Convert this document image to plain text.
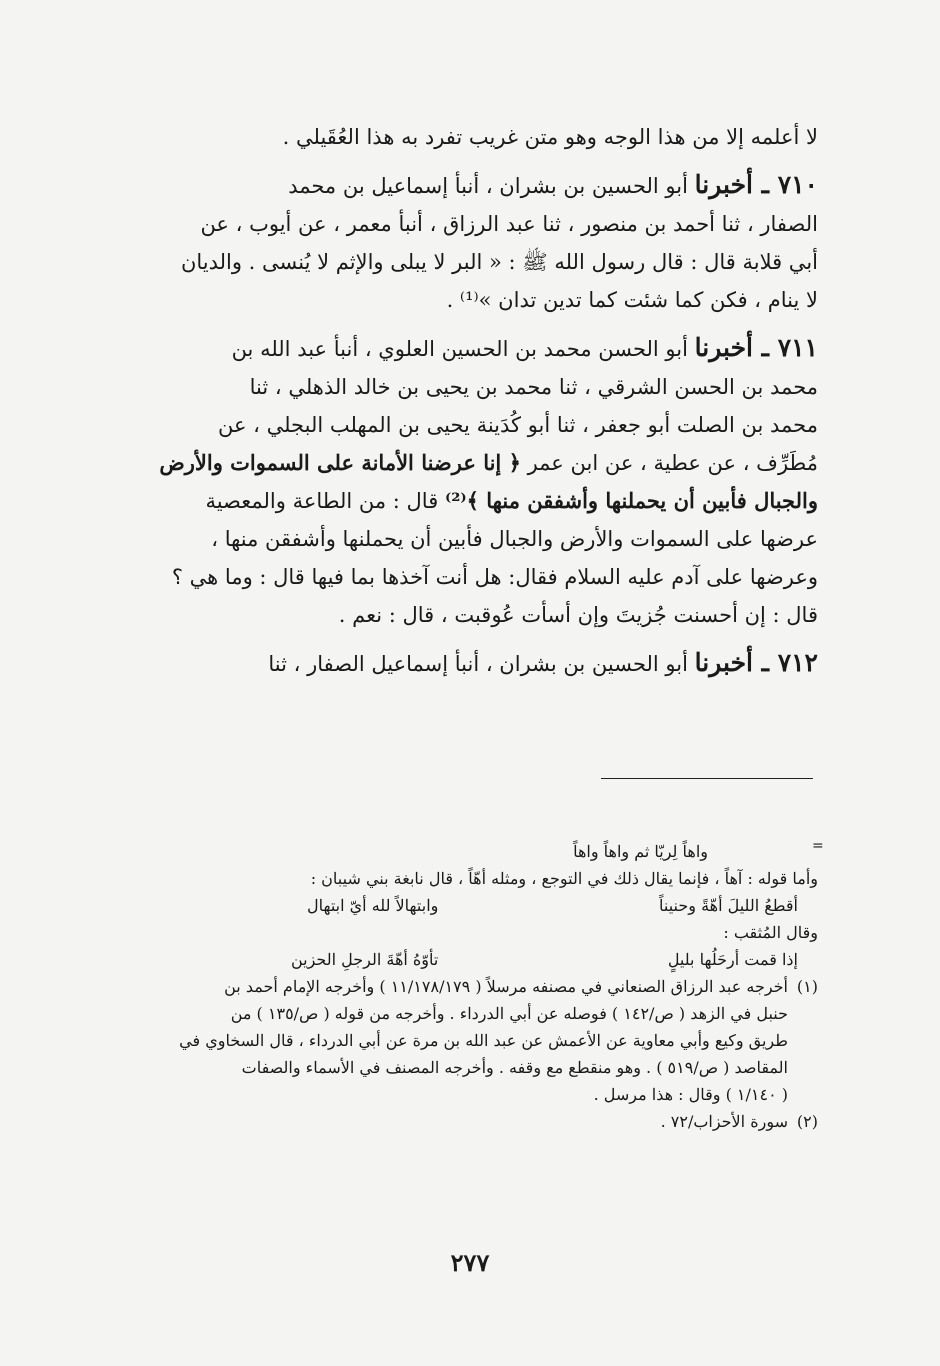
لا أعلمه إلا من هذا الوجه وهو متن غريب تفرد به هذا العُقَيلي .
٧١٠ ـ أخبرنا أبو الحسين بن بشران ، أنبأ إسماعيل بن محمد
الصفار ، ثنا أحمد بن منصور ، ثنا عبد الرزاق ، أنبأ معمر ، عن أيوب ، عن
أبي قلابة قال : قال رسول الله ﷺ : « البر لا يبلى والإثم لا يُنسى . والديان
لا ينام ، فكن كما شئت كما تدين تدان »⁽¹⁾ .
٧١١ ـ أخبرنا أبو الحسن محمد بن الحسين العلوي ، أنبأ عبد الله بن
محمد بن الحسن الشرقي ، ثنا محمد بن يحيى بن خالد الذهلي ، ثنا
محمد بن الصلت أبو جعفر ، ثنا أبو كُدَينة يحيى بن المهلب البجلي ، عن
مُطَرِّف ، عن عطية ، عن ابن عمر ﴿ إنا عرضنا الأمانة على السموات والأرض
والجبال فأبين أن يحملنها وأشفقن منها ﴾⁽²⁾ قال : من الطاعة والمعصية
عرضها على السموات والأرض والجبال فأبين أن يحملنها وأشفقن منها ،
وعرضها على آدم عليه السلام فقال: هل أنت آخذها بما فيها قال : وما هي ؟
قال : إن أحسنت جُزيتَ وإن أسأت عُوقبت ، قال : نعم .
٧١٢ ـ أخبرنا أبو الحسين بن بشران ، أنبأ إسماعيل الصفار ، ثنا
=
واهاً لِريّا ثم واهاً واهاً
وأما قوله : آهاً ، فإنما يقال ذلك في التوجع ، ومثله أهّاً ، قال نابغة بني شيبان :
أقطعُ الليلَ أهّةً وحنيناً
وابتهالاً لله أيّ ابتهال
وقال المُثقب :
إذا قمت أرحَلُها بليلٍ
تأوّهُ أهّةَ الرجلِ الحزين
(١)
أخرجه عبد الرزاق الصنعاني في مصنفه مرسلاً ( ١١/١٧٨/١٧٩ ) وأخرجه الإمام أحمد بن
حنبل في الزهد ( ص/١٤٢ ) فوصله عن أبي الدرداء . وأخرجه من قوله ( ص/١٣٥ ) من
طريق وكيع وأبي معاوية عن الأعمش عن عبد الله بن مرة عن أبي الدرداء ، قال السخاوي في
المقاصد ( ص/٥١٩ ) . وهو منقطع مع وقفه . وأخرجه المصنف في الأسماء والصفات
( ١/١٤٠ ) وقال : هذا مرسل .
(٢)
سورة الأحزاب/٧٢ .
٢٧٧
